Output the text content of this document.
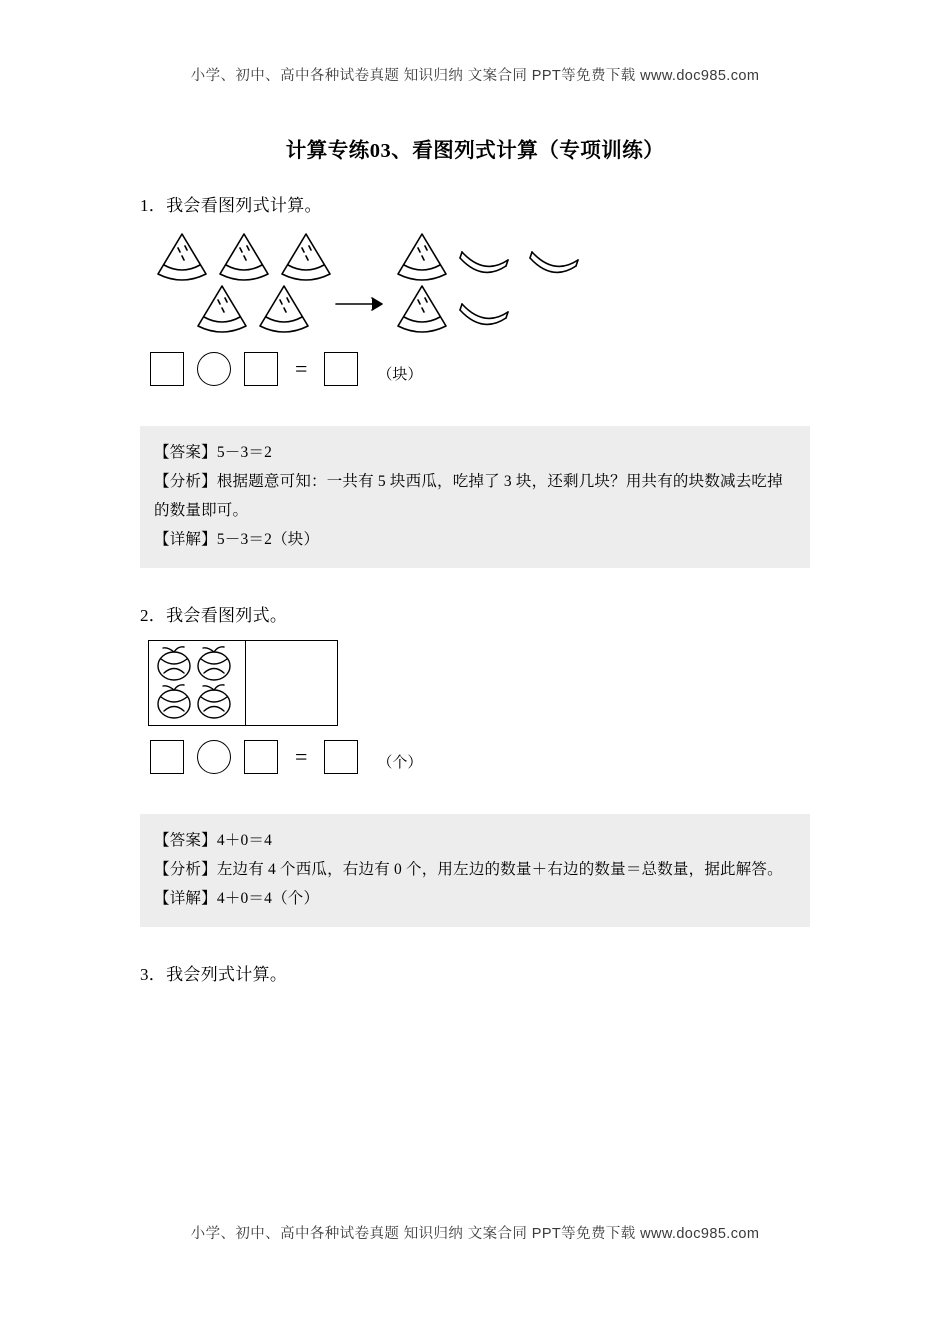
小学、初中、高中各种试卷真题 知识归纳 文案合同 PPT等免费下载 www.doc985.com
计算专练03、看图列式计算（专项训练）
1．我会看图列式计算。
=	（块）

【答案】5－3＝2

【分析】根据题意可知：一共有 5 块西瓜，吃掉了 3 块，还剩几块？用共有的块数减去吃掉的数量即可。

【详解】5－3＝2（块）

2．我会看图列式。
=	（个）

【答案】4＋0＝4

【分析】左边有 4 个西瓜，右边有 0 个，用左边的数量＋右边的数量＝总数量，据此解答。

【详解】4＋0＝4（个）

3．我会列式计算。
小学、初中、高中各种试卷真题 知识归纳 文案合同 PPT等免费下载 www.doc985.com
